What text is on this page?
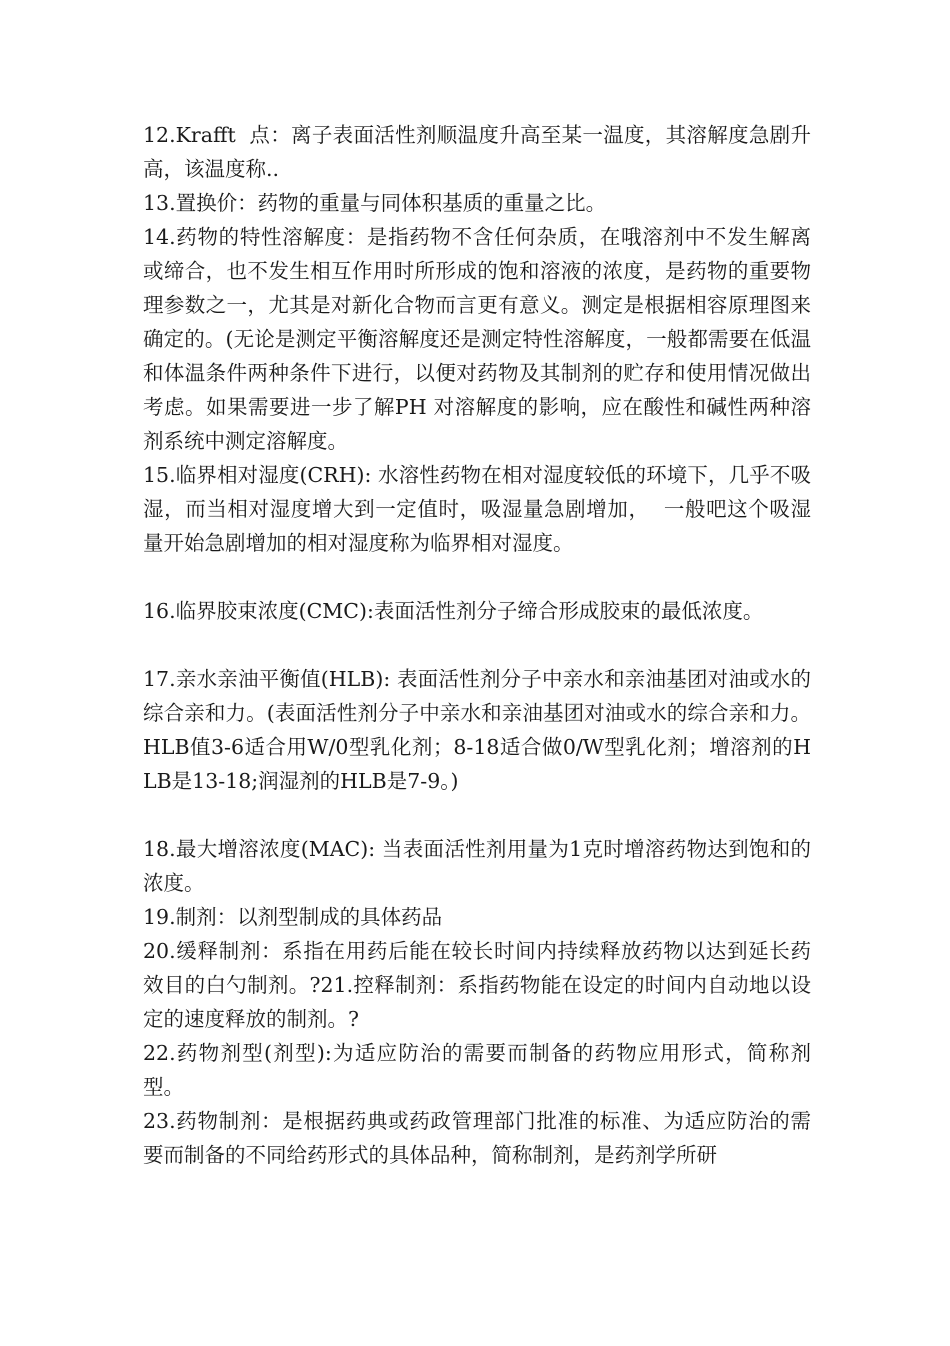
12.Krafft  点：离子表面活性剂顺温度升高至某一温度，其溶解度急剧升高，该温度称..

13.置换价：药物的重量与同体积基质的重量之比。

14.药物的特性溶解度：是指药物不含任何杂质，在哦溶剂中不发生解离或缔合，也不发生相互作用时所形成的饱和溶液的浓度，是药物的重要物理参数之一，尤其是对新化合物而言更有意义。测定是根据相容原理图来确定的。(无论是测定平衡溶解度还是测定特性溶解度，一般都需要在低温和体温条件两种条件下进行，以便对药物及其制剂的贮存和使用情况做出考虑。如果需要进一步了解PH 对溶解度的影响，应在酸性和碱性两种溶剂系统中测定溶解度。

15.临界相对湿度(CRH): 水溶性药物在相对湿度较低的环境下，几乎不吸湿，而当相对湿度增大到一定值时，吸湿量急剧增加，  一般吧这个吸湿量开始急剧增加的相对湿度称为临界相对湿度。

16.临界胶束浓度(CMC):表面活性剂分子缔合形成胶束的最低浓度。

17.亲水亲油平衡值(HLB): 表面活性剂分子中亲水和亲油基团对油或水的综合亲和力。(表面活性剂分子中亲水和亲油基团对油或水的综合亲和力。HLB值3-6适合用W/0型乳化剂；8-18适合做0/W型乳化剂；增溶剂的HLB是13-18;润湿剂的HLB是7-9。)

18.最大增溶浓度(MAC): 当表面活性剂用量为1克时增溶药物达到饱和的浓度。

19.制剂：以剂型制成的具体药品

20.缓释制剂：系指在用药后能在较长时间内持续释放药物以达到延长药效目的白勺制剂。?21.控释制剂：系指药物能在设定的时间内自动地以设定的速度释放的制剂。?

22.药物剂型(剂型):为适应防治的需要而制备的药物应用形式，简称剂型。

23.药物制剂：是根据药典或药政管理部门批准的标准、为适应防治的需要而制备的不同给药形式的具体品种，简称制剂，是药剂学所研
